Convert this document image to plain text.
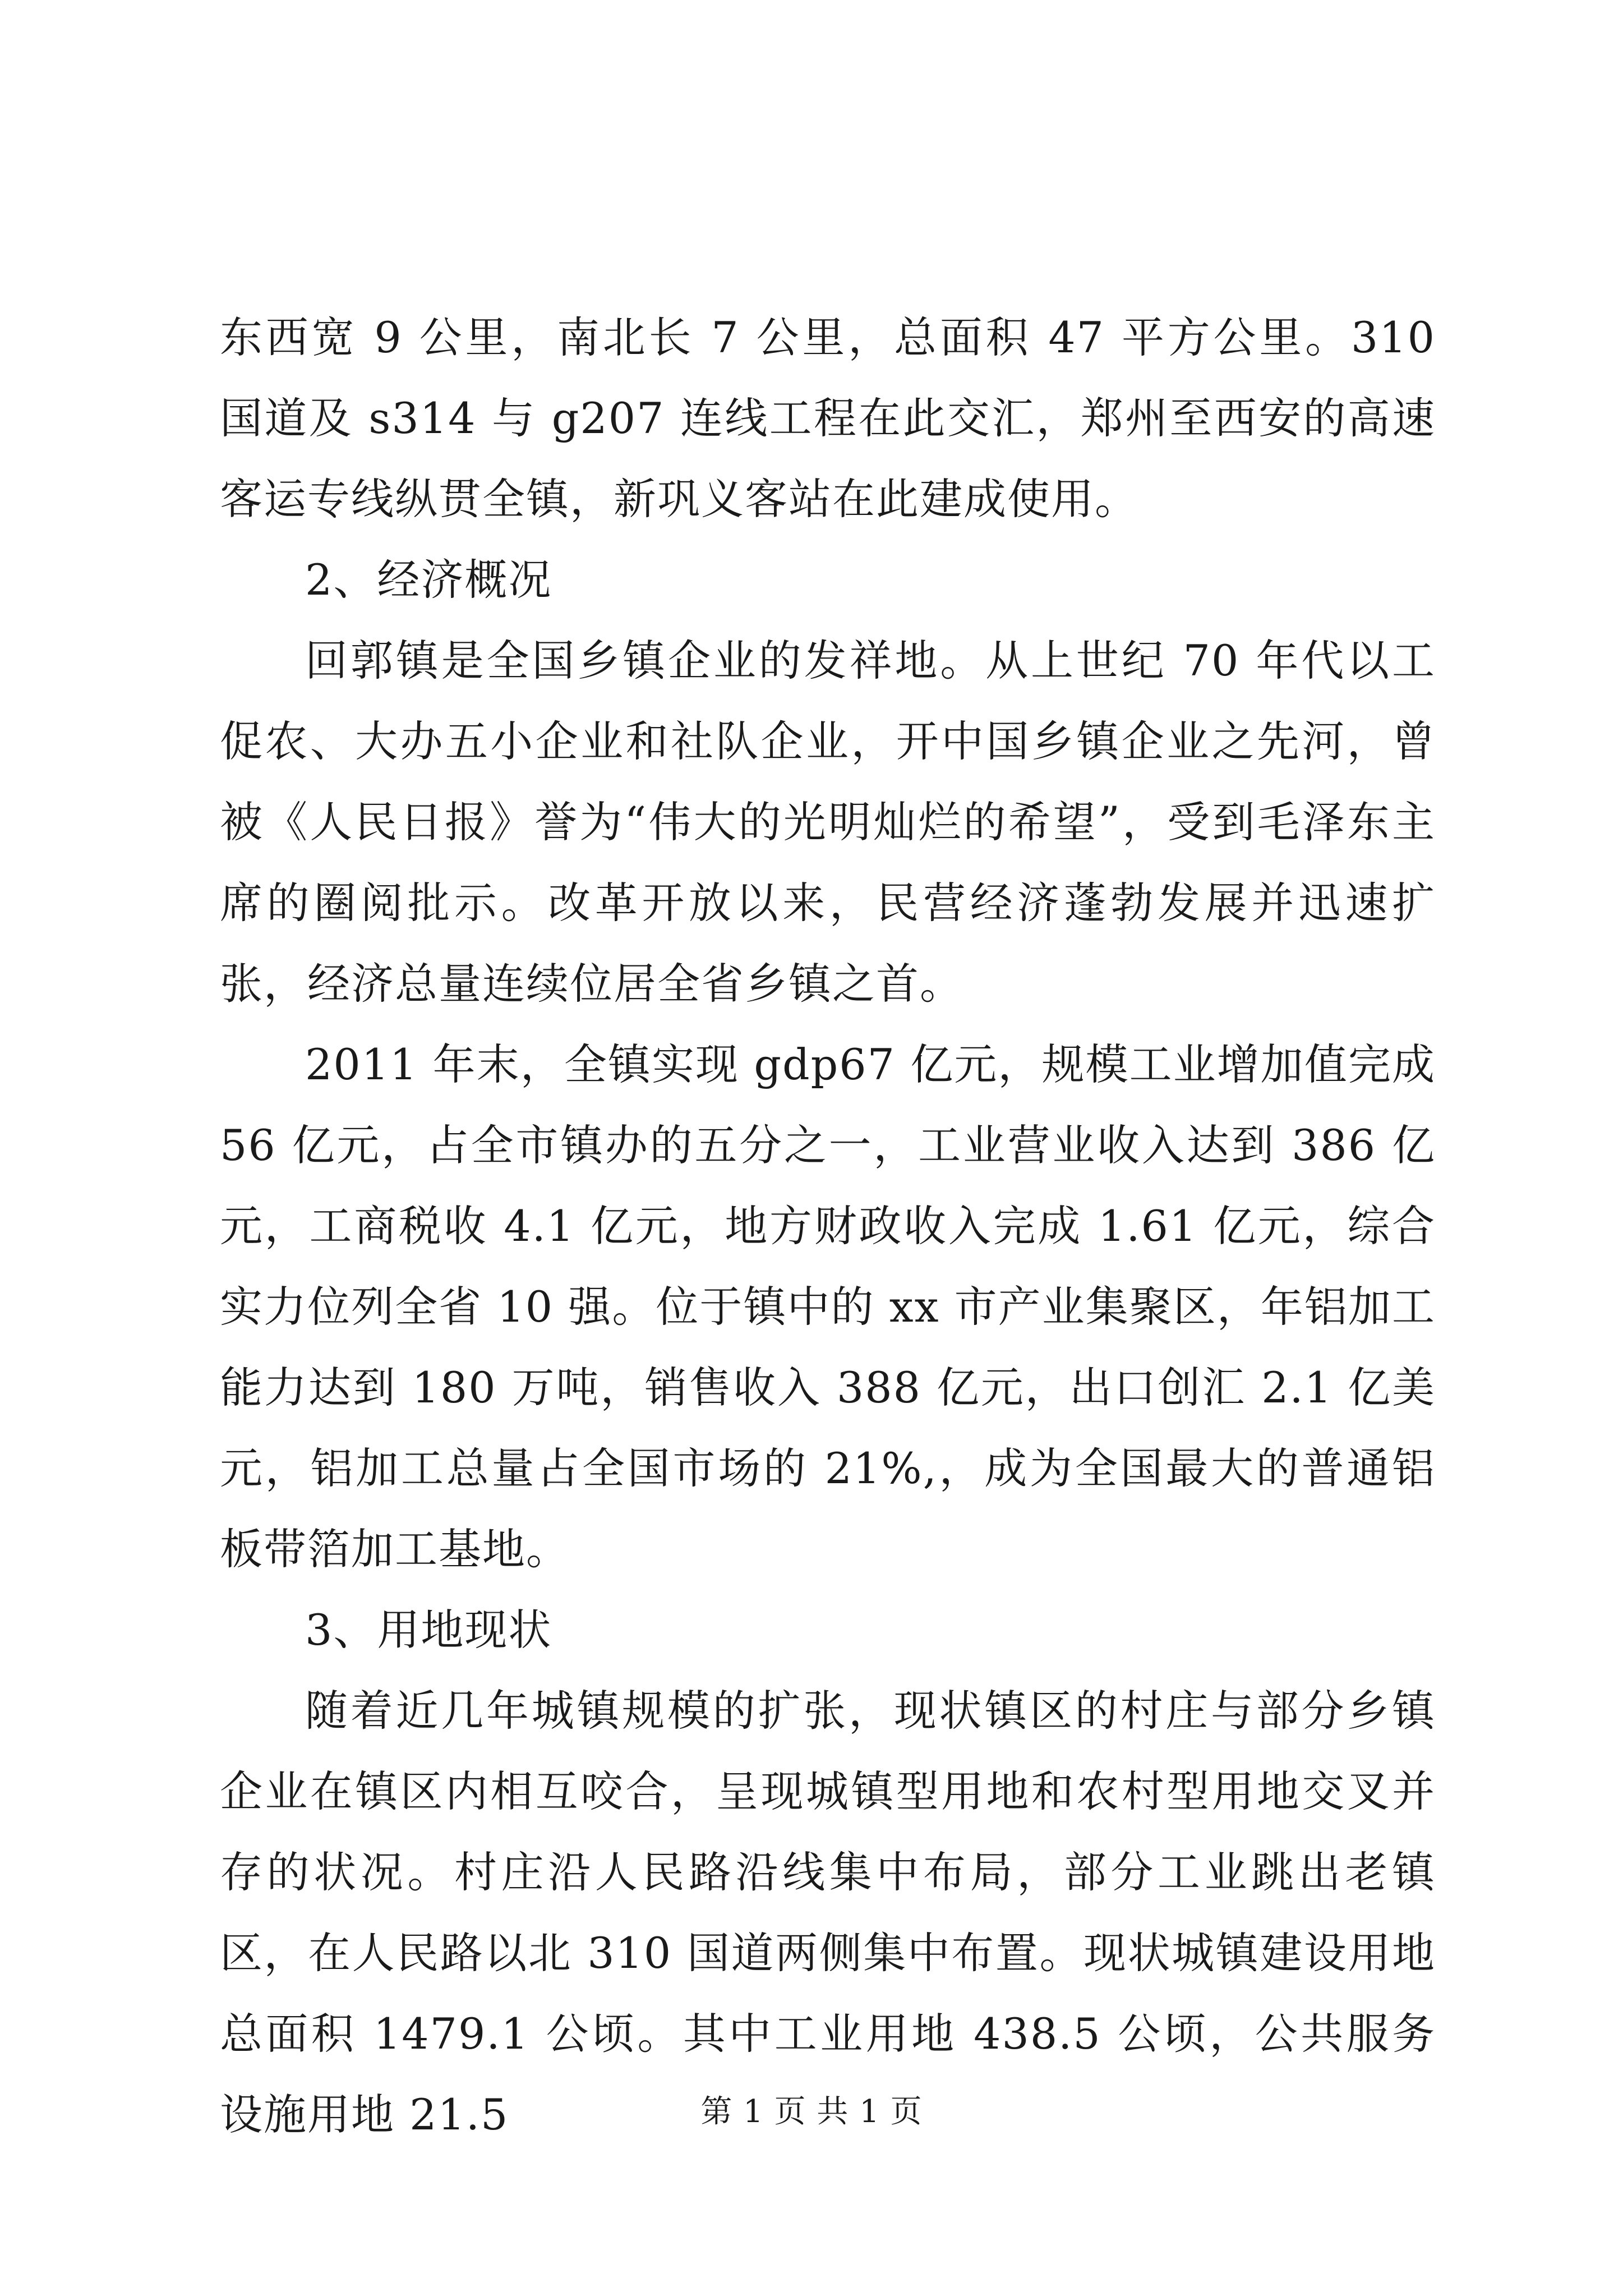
东西宽 9 公里，南北长 7 公里，总面积 47 平方公里。310 国道及 s314 与 g207 连线工程在此交汇，郑州至西安的高速客运专线纵贯全镇，新巩义客站在此建成使用。

2、经济概况

回郭镇是全国乡镇企业的发祥地。从上世纪 70 年代以工促农、大办五小企业和社队企业，开中国乡镇企业之先河，曾被《人民日报》誉为“伟大的光明灿烂的希望”，受到毛泽东主席的圈阅批示。改革开放以来，民营经济蓬勃发展并迅速扩张，经济总量连续位居全省乡镇之首。

2011 年末，全镇实现 gdp67 亿元，规模工业增加值完成 56 亿元，占全市镇办的五分之一，工业营业收入达到 386 亿元，工商税收 4.1 亿元，地方财政收入完成 1.61 亿元，综合实力位列全省 10 强。位于镇中的 xx 市产业集聚区，年铝加工能力达到 180 万吨，销售收入 388 亿元，出口创汇 2.1 亿美元，铝加工总量占全国市场的 21%,，成为全国最大的普通铝板带箔加工基地。

3、用地现状

随着近几年城镇规模的扩张，现状镇区的村庄与部分乡镇企业在镇区内相互咬合，呈现城镇型用地和农村型用地交叉并存的状况。村庄沿人民路沿线集中布局，部分工业跳出老镇区，在人民路以北 310 国道两侧集中布置。现状城镇建设用地总面积 1479.1 公顷。其中工业用地 438.5 公顷，公共服务设施用地 21.5	第 1 页 共 1 页
